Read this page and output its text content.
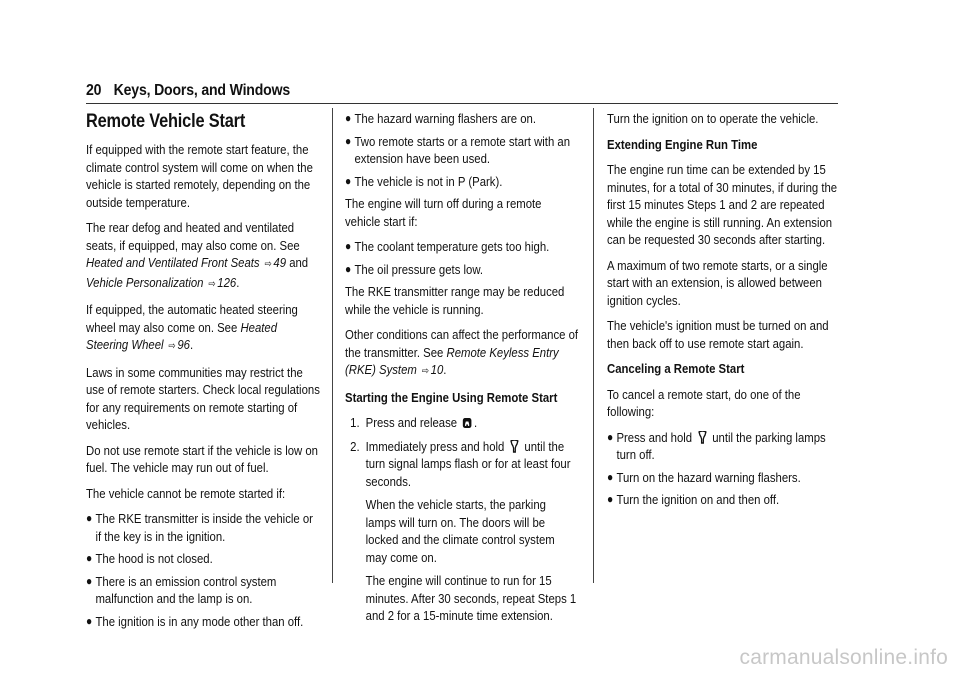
20 Keys, Doors, and Windows
Remote Vehicle Start

If equipped with the remote start feature, the climate control system will come on when the vehicle is started remotely, depending on the outside temperature.

The rear defog and heated and ventilated seats, if equipped, may also come on. See Heated and Ventilated Front Seats ⇨ 49 and Vehicle Personalization ⇨ 126.

If equipped, the automatic heated steering wheel may also come on. See Heated Steering Wheel ⇨ 96.

Laws in some communities may restrict the use of remote starters. Check local regulations for any requirements on remote starting of vehicles.

Do not use remote start if the vehicle is low on fuel. The vehicle may run out of fuel.

The vehicle cannot be remote started if:

● The RKE transmitter is inside the vehicle or if the key is in the ignition.
● The hood is not closed.
● There is an emission control system malfunction and the lamp is on.
● The ignition is in any mode other than off.
● The hazard warning flashers are on.
● Two remote starts or a remote start with an extension have been used.
● The vehicle is not in P (Park).

The engine will turn off during a remote vehicle start if:

● The coolant temperature gets too high.
● The oil pressure gets low.

The RKE transmitter range may be reduced while the vehicle is running.

Other conditions can affect the performance of the transmitter. See Remote Keyless Entry (RKE) System ⇨ 10.

Starting the Engine Using Remote Start

1. Press and release .
2. Immediately press and hold until the turn signal lamps flash or for at least four seconds.

When the vehicle starts, the parking lamps will turn on. The doors will be locked and the climate control system may come on.

The engine will continue to run for 15 minutes. After 30 seconds, repeat Steps 1 and 2 for a 15-minute time extension.

Turn the ignition on to operate the vehicle.

Extending Engine Run Time

The engine run time can be extended by 15 minutes, for a total of 30 minutes, if during the first 15 minutes Steps 1 and 2 are repeated while the engine is still running. An extension can be requested 30 seconds after starting.

A maximum of two remote starts, or a single start with an extension, is allowed between ignition cycles.

The vehicle's ignition must be turned on and then back off to use remote start again.

Canceling a Remote Start

To cancel a remote start, do one of the following:

● Press and hold until the parking lamps turn off.
● Turn on the hazard warning flashers.
● Turn the ignition on and then off.
carmanualsonline.info
